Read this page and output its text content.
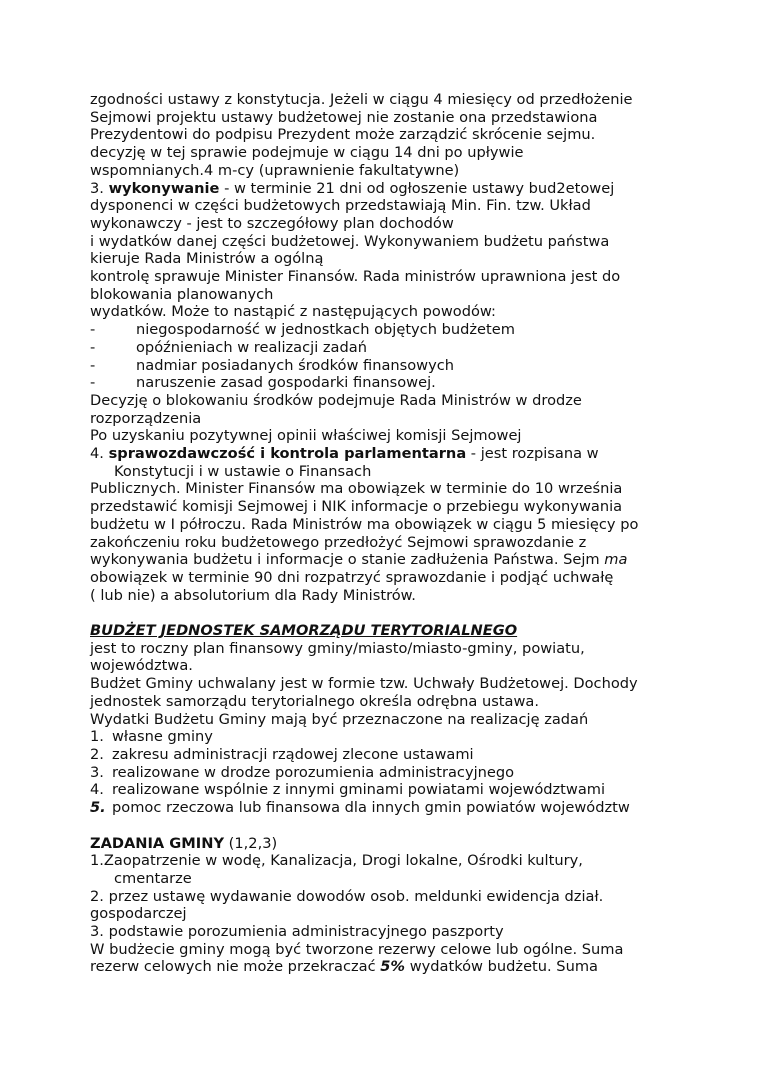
zgodności ustawy z konstytucja. Jeżeli w ciągu 4 miesięcy od przedłożenie
Sejmowi projektu ustawy budżetowej nie zostanie ona przedstawiona
Prezydentowi do podpisu Prezydent może zarządzić skrócenie sejmu.
decyzję w tej sprawie podejmuje w ciągu 14 dni po upływie
wspomnianych.4 m-cy (uprawnienie fakultatywne)
3. wykonywanie - w terminie 21 dni od ogłoszenie ustawy bud2etowej
dysponenci w części budżetowych przedstawiają Min. Fin. tzw. Układ
wykonawczy - jest to szczegółowy plan dochodów
i wydatków danej części budżetowej. Wykonywaniem budżetu państwa
kieruje Rada Ministrów a ogólną
kontrolę sprawuje Minister Finansów. Rada ministrów uprawniona jest do
blokowania planowanych
wydatków. Może to nastąpić z następujących powodów:
-	niegospodarność w jednostkach objętych budżetem
-	opóźnieniach w realizacji zadań
-	nadmiar posiadanych środków finansowych
-	naruszenie zasad gospodarki finansowej.
Decyzję o blokowaniu środków podejmuje Rada Ministrów w drodze
rozporządzenia
Po uzyskaniu pozytywnej opinii właściwej komisji Sejmowej
4. sprawozdawczość i kontrola parlamentarna - jest rozpisana w
Konstytucji i w ustawie o Finansach
Publicznych. Minister Finansów ma obowiązek w terminie do 10 września
przedstawić komisji Sejmowej i NIK informacje o przebiegu wykonywania
budżetu w I półroczu. Rada Ministrów ma obowiązek w ciągu 5 miesięcy po
zakończeniu roku budżetowego przedłożyć Sejmowi sprawozdanie z
wykonywania budżetu i informacje o stanie zadłużenia Państwa. Sejm ma
obowiązek w terminie 90 dni rozpatrzyć sprawozdanie i podjąć uchwałę
( lub nie) a absolutorium dla Rady Ministrów.
BUDŻET JEDNOSTEK SAMORZĄDU TERYTORIALNEGO
jest to roczny plan finansowy gminy/miasto/miasto-gminy, powiatu,
województwa.
Budżet Gminy uchwalany jest w formie tzw. Uchwały Budżetowej. Dochody
jednostek samorządu terytorialnego określa odrębna ustawa.
Wydatki Budżetu Gminy mają być przeznaczone na realizację zadań
1. własne gminy
2. zakresu administracji rządowej zlecone ustawami
3. realizowane w drodze porozumienia administracyjnego
4. realizowane wspólnie z innymi gminami powiatami województwami
5. pomoc rzeczowa lub finansowa dla innych gmin powiatów województw
ZADANIA GMINY (1,2,3)
1.Zaopatrzenie w wodę, Kanalizacja, Drogi lokalne, Ośrodki kultury,
cmentarze
2. przez ustawę wydawanie dowodów osob. meldunki ewidencja dział.
gospodarczej
3. podstawie porozumienia administracyjnego paszporty
W budżecie gminy mogą być tworzone rezerwy celowe lub ogólne. Suma
rezerw celowych nie może przekraczać 5% wydatków budżetu. Suma
